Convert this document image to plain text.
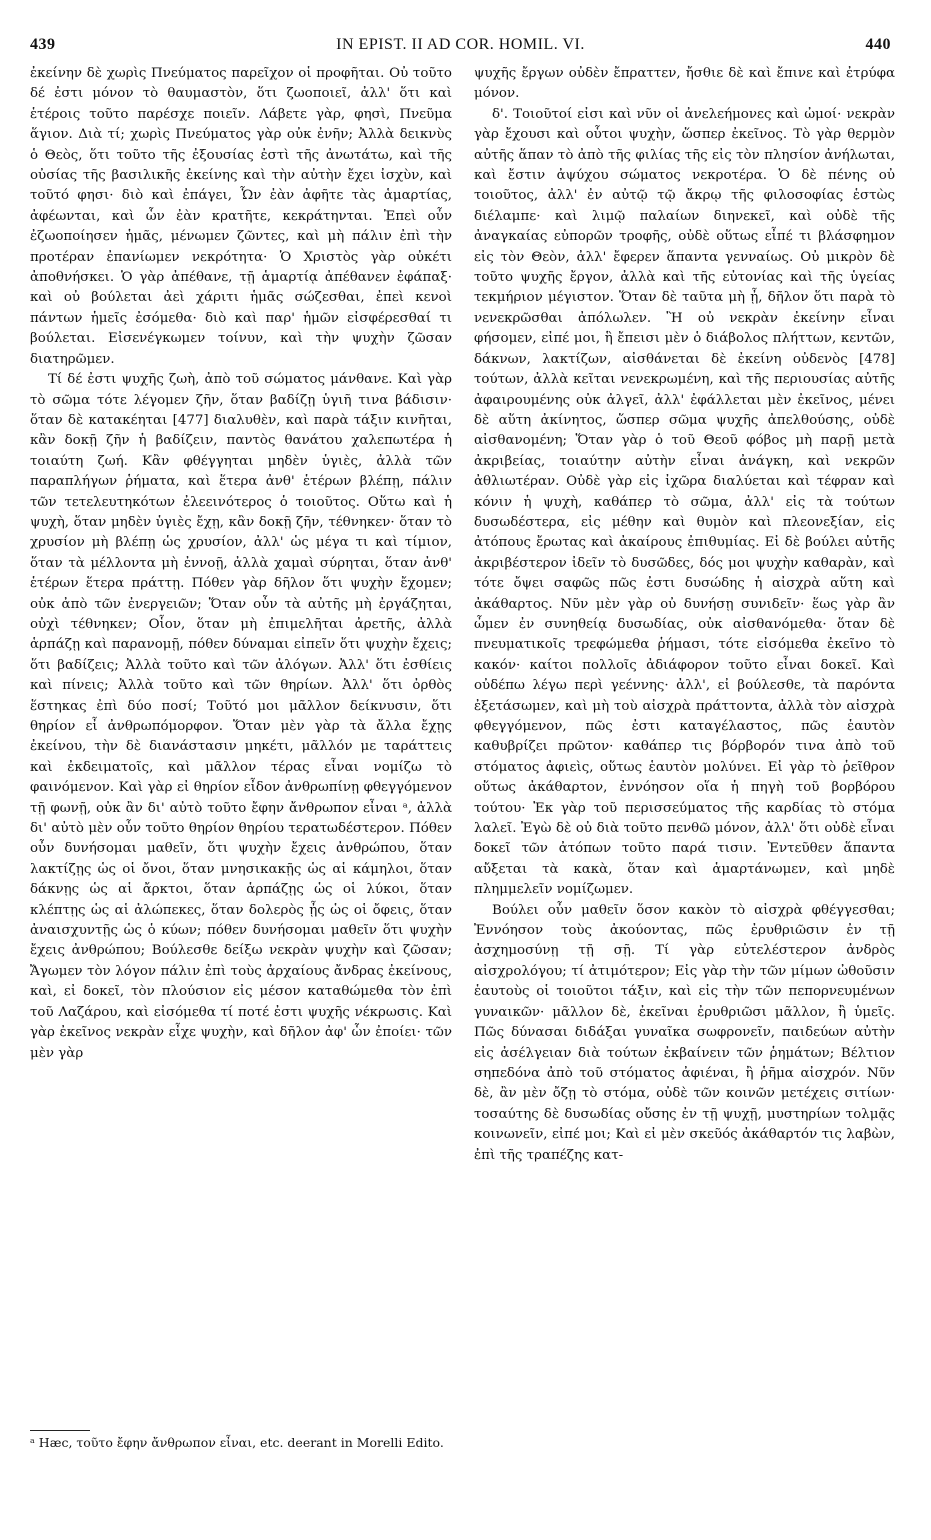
439	IN EPIST. II AD COR. HOMIL. VI.	440

ἐκείνην δὲ χωρὶς Πνεύματος παρεῖχον οἱ προφῆται. Οὐ τοῦτο δέ ἐστι μόνον τὸ θαυμαστὸν, ὅτι ζωοποιεῖ, ἀλλ' ὅτι καὶ ἑτέροις τοῦτο παρέσχε ποιεῖν. Λάβετε γὰρ, φησὶ, Πνεῦμα ἅγιον. Διὰ τί; χωρὶς Πνεύματος γὰρ οὐκ ἐνῆν; Ἀλλὰ δεικνὺς ὁ Θεὸς, ὅτι τοῦτο τῆς ἐξουσίας ἐστὶ τῆς ἀνωτάτω, καὶ τῆς οὐσίας τῆς βασιλικῆς ἐκείνης καὶ τὴν αὐτὴν ἔχει ἰσχὺν, καὶ τοῦτό φησι· διὸ καὶ ἐπάγει, Ὧν ἐὰν ἀφῆτε τὰς ἁμαρτίας, ἀφέωνται, καὶ ὧν ἐὰν κρατῆτε, κεκράτηνται. Ἐπεὶ οὖν ἐζωοποίησεν ἡμᾶς, μένωμεν ζῶντες, καὶ μὴ πάλιν ἐπὶ τὴν προτέραν ἐπανίωμεν νεκρότητα· Ὁ Χριστὸς γὰρ οὐκέτι ἀποθνήσκει. Ὁ γὰρ ἀπέθανε, τῇ ἁμαρτίᾳ ἀπέθανεν ἐφάπαξ· καὶ οὐ βούλεται ἀεὶ χάριτι ἡμᾶς σώζεσθαι, ἐπεὶ κενοὶ πάντων ἡμεῖς ἐσόμεθα· διὸ καὶ παρ' ἡμῶν εἰσφέρεσθαί τι βούλεται. Εἰσενέγκωμεν τοίνυν, καὶ τὴν ψυχὴν ζῶσαν διατηρῶμεν.

Τί δέ ἐστι ψυχῆς ζωὴ, ἀπὸ τοῦ σώματος μάνθανε. Καὶ γὰρ τὸ σῶμα τότε λέγομεν ζῆν, ὅταν βαδίζῃ ὑγιῆ τινα βάδισιν· ὅταν δὲ κατακέηται [477] διαλυθὲν, καὶ παρὰ τάξιν κινῆται, κἂν δοκῇ ζῆν ἡ βαδίζειν, παντὸς θανάτου χαλεπωτέρα ἡ τοιαύτη ζωή. Κἂν φθέγγηται μηδὲν ὑγιὲς, ἀλλὰ τῶν παραπλήγων ῥήματα, καὶ ἕτερα ἀνθ' ἑτέρων βλέπῃ, πάλιν τῶν τετελευτηκότων ἐλεεινότερος ὁ τοιοῦτος. Οὕτω καὶ ἡ ψυχὴ, ὅταν μηδὲν ὑγιὲς ἔχῃ, κἂν δοκῇ ζῆν, τέθνηκεν· ὅταν τὸ χρυσίον μὴ βλέπῃ ὡς χρυσίον, ἀλλ' ὡς μέγα τι καὶ τίμιον, ὅταν τὰ μέλλοντα μὴ ἐννοῇ, ἀλλὰ χαμαὶ σύρηται, ὅταν ἀνθ' ἑτέρων ἕτερα πράττῃ. Πόθεν γὰρ δῆλον ὅτι ψυχὴν ἔχομεν; οὐκ ἀπὸ τῶν ἐνεργειῶν; Ὅταν οὖν τὰ αὐτῆς μὴ ἐργάζηται, οὐχὶ τέθνηκεν; Οἷον, ὅταν μὴ ἐπιμελῆται ἀρετῆς, ἀλλὰ ἁρπάζῃ καὶ παρανομῇ, πόθεν δύναμαι εἰπεῖν ὅτι ψυχὴν ἔχεις; ὅτι βαδίζεις; Ἀλλὰ τοῦτο καὶ τῶν ἀλόγων. Ἀλλ' ὅτι ἐσθίεις καὶ πίνεις; Ἀλλὰ τοῦτο καὶ τῶν θηρίων. Ἀλλ' ὅτι ὀρθὸς ἕστηκας ἐπὶ δύο ποσί; Τοῦτό μοι μᾶλλον δείκνυσιν, ὅτι θηρίον εἶ ἀνθρωπόμορφον. Ὅταν μὲν γὰρ τὰ ἄλλα ἔχῃς ἐκείνου, τὴν δὲ διανάστασιν μηκέτι, μᾶλλόν με ταράττεις καὶ ἐκδειματοῖς, καὶ μᾶλλον τέρας εἶναι νομίζω τὸ φαινόμενον. Καὶ γὰρ εἰ θηρίον εἶδον ἀνθρωπίνῃ φθεγγόμενον τῇ φωνῇ, οὐκ ἂν δι' αὐτὸ τοῦτο ἔφην ἄνθρωπον εἶναι ᵃ, ἀλλὰ δι' αὐτὸ μὲν οὖν τοῦτο θηρίον θηρίου τερατωδέστερον. Πόθεν οὖν δυνήσομαι μαθεῖν, ὅτι ψυχὴν ἔχεις ἀνθρώπου, ὅταν λακτίζῃς ὡς οἱ ὄνοι, ὅταν μνησικακῇς ὡς αἱ κάμηλοι, ὅταν δάκνῃς ὡς αἱ ἄρκτοι, ὅταν ἁρπάζῃς ὡς οἱ λύκοι, ὅταν κλέπτῃς ὡς αἱ ἀλώπεκες, ὅταν δολερὸς ᾖς ὡς οἱ ὄφεις, ὅταν ἀναισχυντῇς ὡς ὁ κύων; πόθεν δυνήσομαι μαθεῖν ὅτι ψυχὴν ἔχεις ἀνθρώπου; Βούλεσθε δείξω νεκρὰν ψυχὴν καὶ ζῶσαν; Ἄγωμεν τὸν λόγον πάλιν ἐπὶ τοὺς ἀρχαίους ἄνδρας ἐκείνους, καὶ, εἰ δοκεῖ, τὸν πλούσιον εἰς μέσον καταθώμεθα τὸν ἐπὶ τοῦ Λαζάρου, καὶ εἰσόμεθα τί ποτέ ἐστι ψυχῆς νέκρωσις. Καὶ γὰρ ἐκεῖνος νεκρὰν εἶχε ψυχὴν, καὶ δῆλον ἀφ' ὧν ἐποίει· τῶν μὲν γὰρ

ψυχῆς ἔργων οὐδὲν ἔπραττεν, ἤσθιε δὲ καὶ ἔπινε καὶ ἐτρύφα μόνον.

δ'. Τοιοῦτοί εἰσι καὶ νῦν οἱ ἀνελεήμονες καὶ ὠμοί· νεκρὰν γὰρ ἔχουσι καὶ οὗτοι ψυχὴν, ὥσπερ ἐκεῖνος. Τὸ γὰρ θερμὸν αὐτῆς ἅπαν τὸ ἀπὸ τῆς φιλίας τῆς εἰς τὸν πλησίον ἀνήλωται, καὶ ἔστιν ἀψύχου σώματος νεκροτέρα. Ὁ δὲ πένης οὐ τοιοῦτος, ἀλλ' ἐν αὐτῷ τῷ ἄκρῳ τῆς φιλοσοφίας ἑστὼς διέλαμπε· καὶ λιμῷ παλαίων διηνεκεῖ, καὶ οὐδὲ τῆς ἀναγκαίας εὐπορῶν τροφῆς, οὐδὲ οὕτως εἶπέ τι βλάσφημον εἰς τὸν Θεὸν, ἀλλ' ἔφερεν ἅπαντα γενναίως. Οὐ μικρὸν δὲ τοῦτο ψυχῆς ἔργον, ἀλλὰ καὶ τῆς εὐτονίας καὶ τῆς ὑγείας τεκμήριον μέγιστον. Ὅταν δὲ ταῦτα μὴ ᾖ, δῆλον ὅτι παρὰ τὸ νενεκρῶσθαι ἀπόλωλεν. Ἢ οὐ νεκρὰν ἐκείνην εἶναι φήσομεν, εἰπέ μοι, ἣ ἔπεισι μὲν ὁ διάβολος πλήττων, κεντῶν, δάκνων, λακτίζων, αἰσθάνεται δὲ ἐκείνη οὐδενὸς [478] τούτων, ἀλλὰ κεῖται νενεκρωμένη, καὶ τῆς περιουσίας αὐτῆς ἀφαιρουμένης οὐκ ἀλγεῖ, ἀλλ' ἐφάλλεται μὲν ἐκεῖνος, μένει δὲ αὕτη ἀκίνητος, ὥσπερ σῶμα ψυχῆς ἀπελθούσης, οὐδὲ αἰσθανομένη; Ὅταν γὰρ ὁ τοῦ Θεοῦ φόβος μὴ παρῇ μετὰ ἀκριβείας, τοιαύτην αὐτὴν εἶναι ἀνάγκη, καὶ νεκρῶν ἀθλιωτέραν. Οὐδὲ γὰρ εἰς ἰχῶρα διαλύεται καὶ τέφραν καὶ κόνιν ἡ ψυχὴ, καθάπερ τὸ σῶμα, ἀλλ' εἰς τὰ τούτων δυσωδέστερα, εἰς μέθην καὶ θυμὸν καὶ πλεονεξίαν, εἰς ἀτόπους ἔρωτας καὶ ἀκαίρους ἐπιθυμίας. Εἰ δὲ βούλει αὐτῆς ἀκριβέστερον ἰδεῖν τὸ δυσῶδες, δός μοι ψυχὴν καθαρὰν, καὶ τότε ὄψει σαφῶς πῶς ἐστι δυσώδης ἡ αἰσχρὰ αὕτη καὶ ἀκάθαρτος. Νῦν μὲν γὰρ οὐ δυνήσῃ συνιδεῖν· ἕως γὰρ ἂν ὦμεν ἐν συνηθείᾳ δυσωδίας, οὐκ αἰσθανόμεθα· ὅταν δὲ πνευματικοῖς τρεφώμεθα ῥήμασι, τότε εἰσόμεθα ἐκεῖνο τὸ κακόν· καίτοι πολλοῖς ἀδιάφορον τοῦτο εἶναι δοκεῖ. Καὶ οὐδέπω λέγω περὶ γεέννης· ἀλλ', εἰ βούλεσθε, τὰ παρόντα ἐξετάσωμεν, καὶ μὴ τοὺ αἰσχρὰ πράττοντα, ἀλλὰ τὸν αἰσχρὰ φθεγγόμενον, πῶς ἐστι καταγέλαστος, πῶς ἑαυτὸν καθυβρίζει πρῶτον· καθάπερ τις βόρβορόν τινα ἀπὸ τοῦ στόματος ἀφιεὶς, οὕτως ἑαυτὸν μολύνει. Εἰ γὰρ τὸ ῥεῖθρον οὕτως ἀκάθαρτον, ἐννόησον οἵα ἡ πηγὴ τοῦ βορβόρου τούτου· Ἐκ γὰρ τοῦ περισσεύματος τῆς καρδίας τὸ στόμα λαλεῖ. Ἐγὼ δὲ οὐ διὰ τοῦτο πενθῶ μόνον, ἀλλ' ὅτι οὐδὲ εἶναι δοκεῖ τῶν ἀτόπων τοῦτο παρά τισιν. Ἐντεῦθεν ἅπαντα αὔξεται τὰ κακὰ, ὅταν καὶ ἁμαρτάνωμεν, καὶ μηδὲ πλημμελεῖν νομίζωμεν.

Βούλει οὖν μαθεῖν ὅσον κακὸν τὸ αἰσχρὰ φθέγγεσθαι; Ἐννόησον τοὺς ἀκούοντας, πῶς ἐρυθριῶσιν ἐν τῇ ἀσχημοσύνῃ τῇ σῇ. Τί γὰρ εὐτελέστερον ἀνδρὸς αἰσχρολόγου; τί ἀτιμότερον; Εἰς γὰρ τὴν τῶν μίμων ὠθοῦσιν ἑαυτοὺς οἱ τοιοῦτοι τάξιν, καὶ εἰς τὴν τῶν πεπορνευμένων γυναικῶν· μᾶλλον δὲ, ἐκεῖναι ἐρυθριῶσι μᾶλλον, ἢ ὑμεῖς. Πῶς δύνασαι διδάξαι γυναῖκα σωφρονεῖν, παιδεύων αὐτὴν εἰς ἀσέλγειαν διὰ τούτων ἐκβαίνειν τῶν ῥημάτων; Βέλτιον σηπεδόνα ἀπὸ τοῦ στόματος ἀφιέναι, ἢ ῥῆμα αἰσχρόν. Νῦν δὲ, ἂν μὲν ὄζῃ τὸ στόμα, οὐδὲ τῶν κοινῶν μετέχεις σιτίων· τοσαύτης δὲ δυσωδίας οὔσης ἐν τῇ ψυχῇ, μυστηρίων τολμᾷς κοινωνεῖν, εἰπέ μοι; Καὶ εἰ μὲν σκεῦός ἀκάθαρτόν τις λαβὼν, ἐπὶ τῆς τραπέζης κατ-

ᵃ Hæc, τοῦτο ἔφην ἄνθρωπον εἶναι, etc. deerant in Morelli Edito.
